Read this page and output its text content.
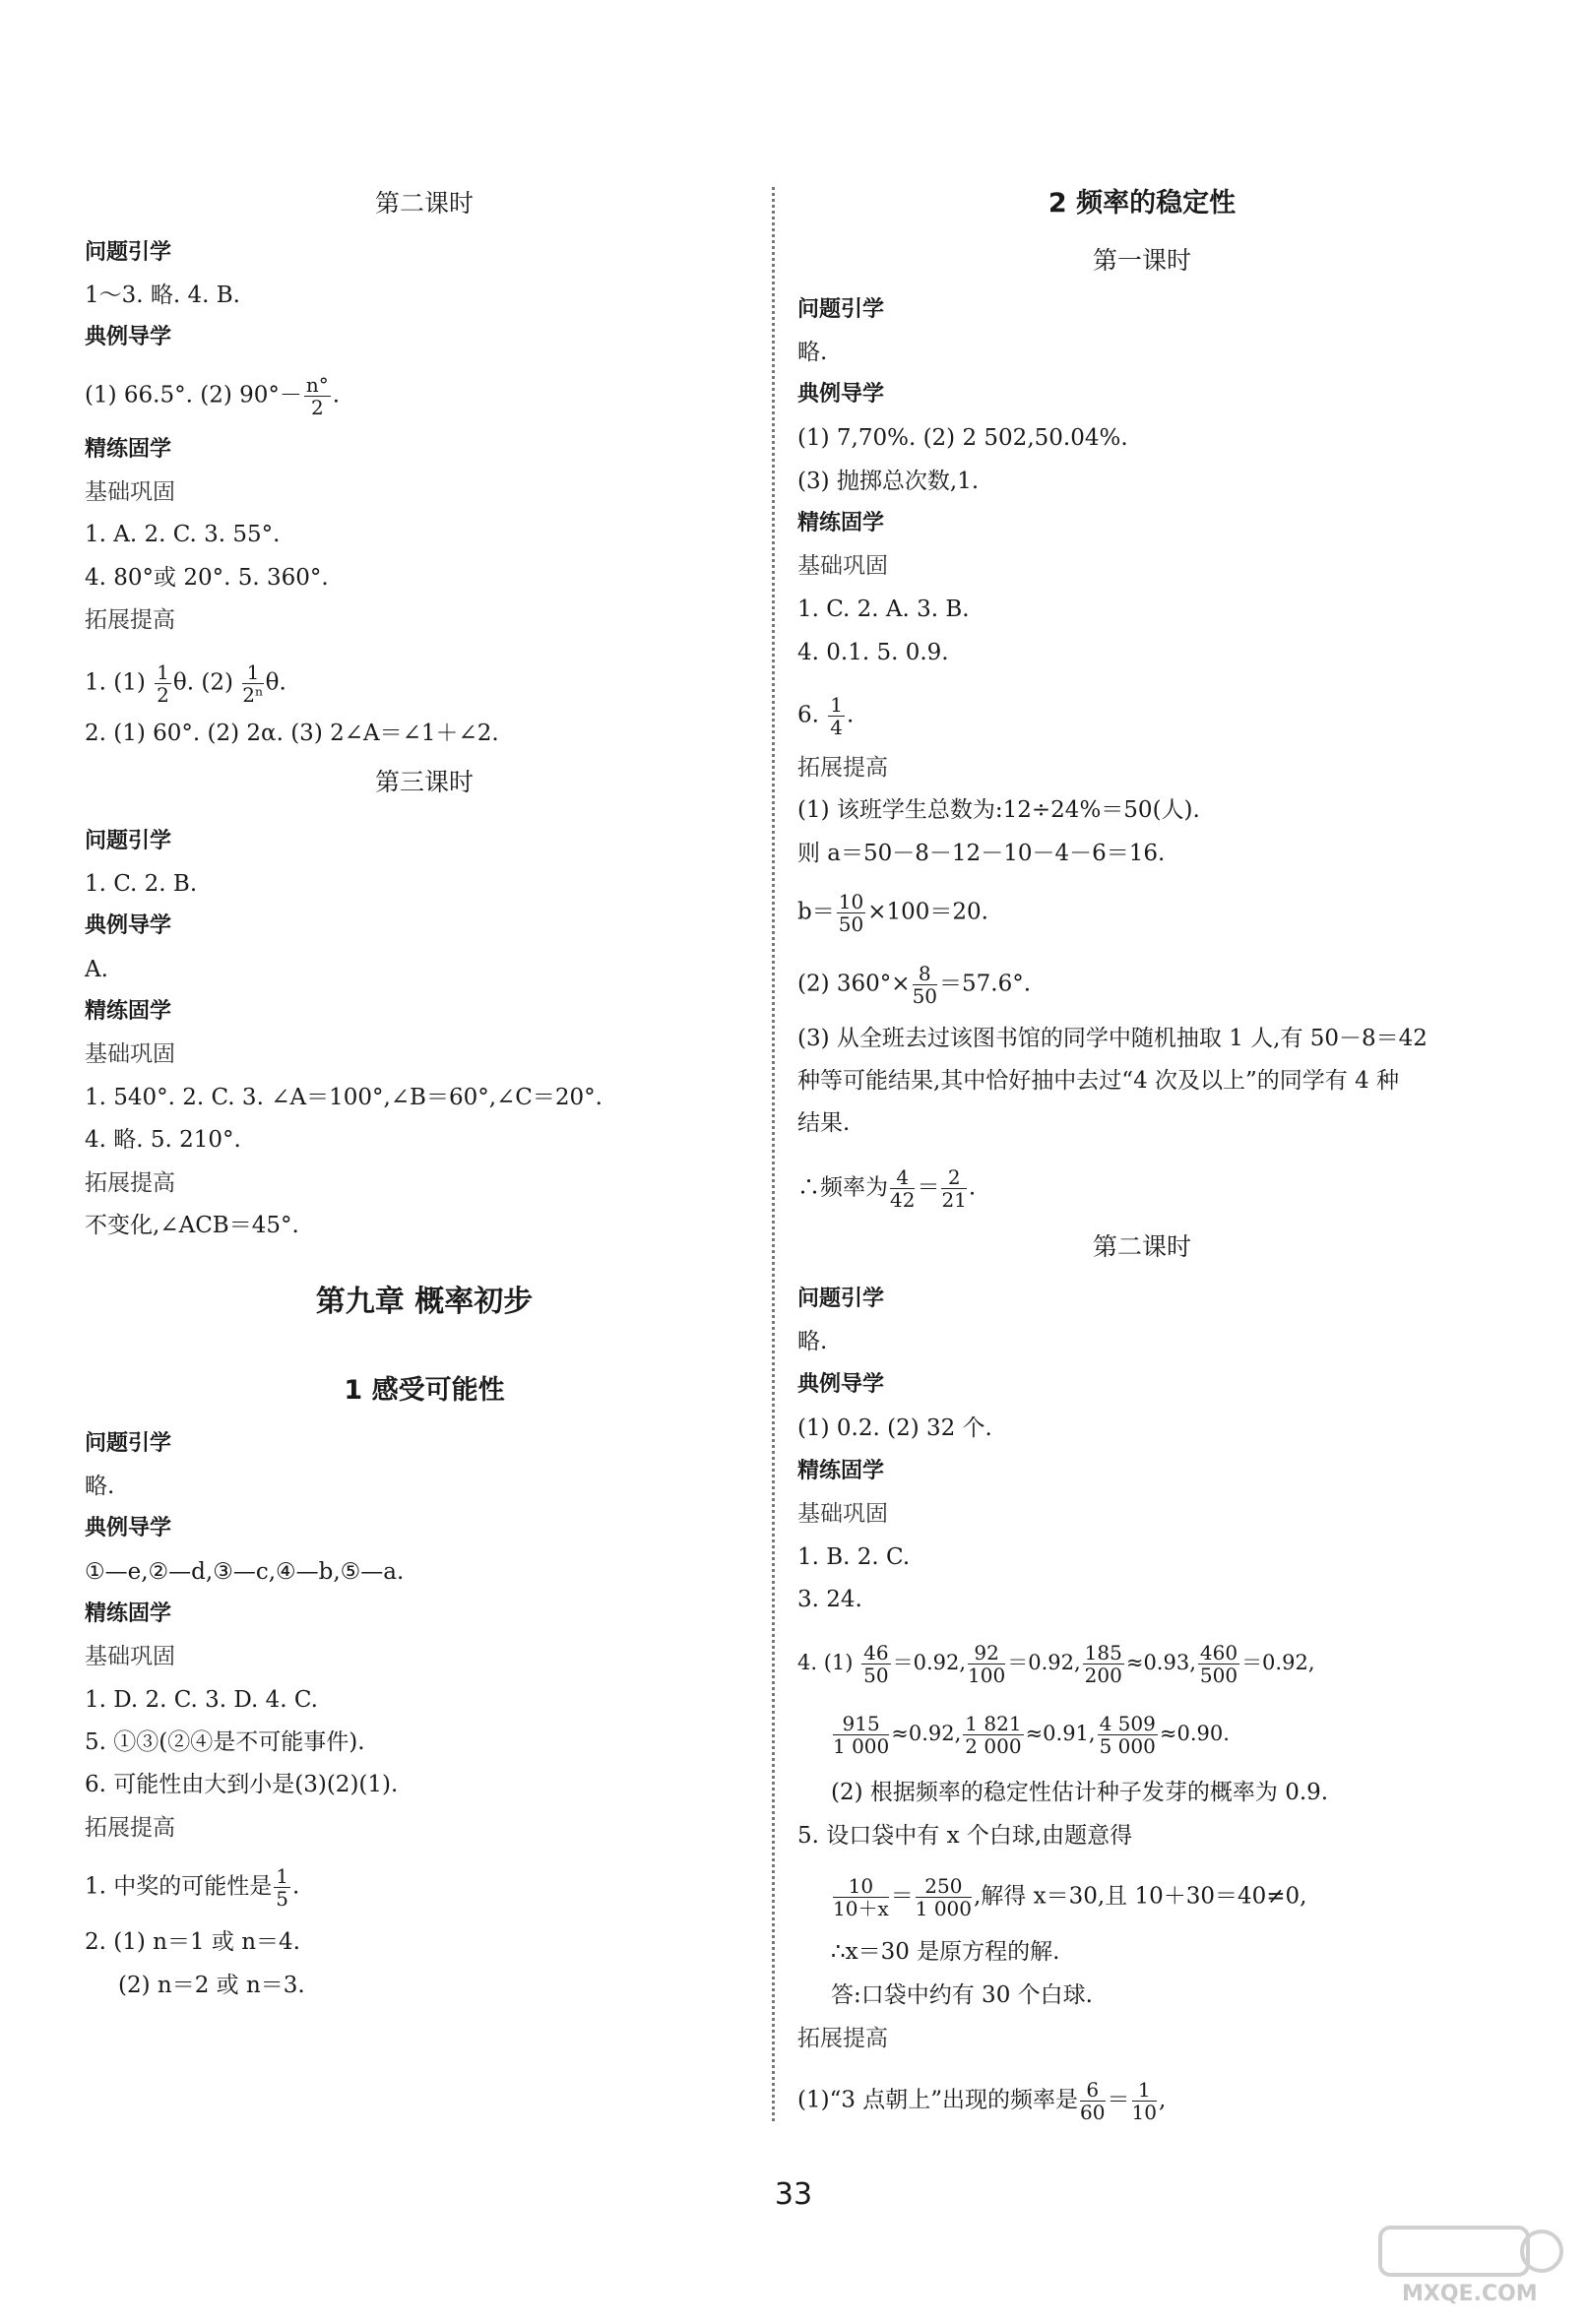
第二课时
问题引学
1～3. 略. 4. B.
典例导学
(1) 66.5°. (2) $90^\circ- \frac{n^\circ}{2}$ .
精练固学
基础巩固
1. A. 2. C. 3. 55°.
4. 80°或 20°. 5. 360°.
拓展提高
1. $(1) \frac{1}{2} \theta$. $(2) \frac{1}{\text{2ⁿ}} \theta$.
2. (1) 60°. (2) 2α. (3) 2∠A＝∠1＋∠2.
第三课时
问题引学
1. C. 2. B.
典例导学
A.
精练固学
基础巩固
1. 540°. 2. C. 3. ∠A＝100°,∠B＝60°,∠C＝20°.
4. 略. 5. 210°.
拓展提高
不变化,∠ACB＝45°.
第九章 概率初步
1 感受可能性
问题引学
略.
典例导学
①—e,②—d,③—c,④—b,⑤—a.
精练固学
基础巩固
1. D. 2. C. 3. D. 4. C.
5. ①③(②④是不可能事件).
6. 可能性由大到小是(3)(2)(1).
拓展提高
1. 中奖的可能性是 $\frac{1}{5}$ .
2. (1) n＝1 或 n＝4.
(2) n＝2 或 n＝3.
2 频率的稳定性
第一课时
问题引学
略.
典例导学
(1) 7,70%. (2) 2 502,50.04%.
(3) 抛掷总次数,1.
精练固学
基础巩固
1. C. 2. A. 3. B.
4. 0.1. 5. 0.9.
6. $\frac{1}{4}$ .
拓展提高
(1) 该班学生总数为:12÷24%＝50(人).
则 a＝50－8－12－10－4－6＝16.
$b= \frac{10}{50} \times 100=20$.
(2) $360^\circ\times \frac{8}{50} =57.6^\circ$.
(3) 从全班去过该图书馆的同学中随机抽取 1 人,有 50－8＝42
种等可能结果,其中恰好抽中去过“4 次及以上”的同学有 4 种
结果.
∴频率为 $\frac{4}{42} = \frac{2}{21}$ .
第二课时
问题引学
略.
典例导学
(1) 0.2. (2) 32 个.
精练固学
基础巩固
1. B. 2. C.
3. 24.
4. $(1) \frac{46}{50} =0.92$, $\frac{92}{100} =0.92$, $\frac{185}{200} \approx 0.93$, $\frac{460}{500} =0.92$,
$\frac{915}{1 000} \approx 0.92$, $\frac{1 821}{2 000} \approx 0.91$, $\frac{4 509}{5 000} \approx 0.90$.
(2) 根据频率的稳定性估计种子发芽的概率为 0.9.
5. 设口袋中有 x 个白球,由题意得
$\frac{10}{10+x} = \frac{250}{1 000}$ ,解得 x＝30,且 10＋30＝40≠0,
∴x＝30 是原方程的解.
答:口袋中约有 30 个白球.
拓展提高
(1)“3 点朝上”出现的频率是 $\frac{6}{60} = \frac{1}{10}$ ,
33
MXQE.COM
